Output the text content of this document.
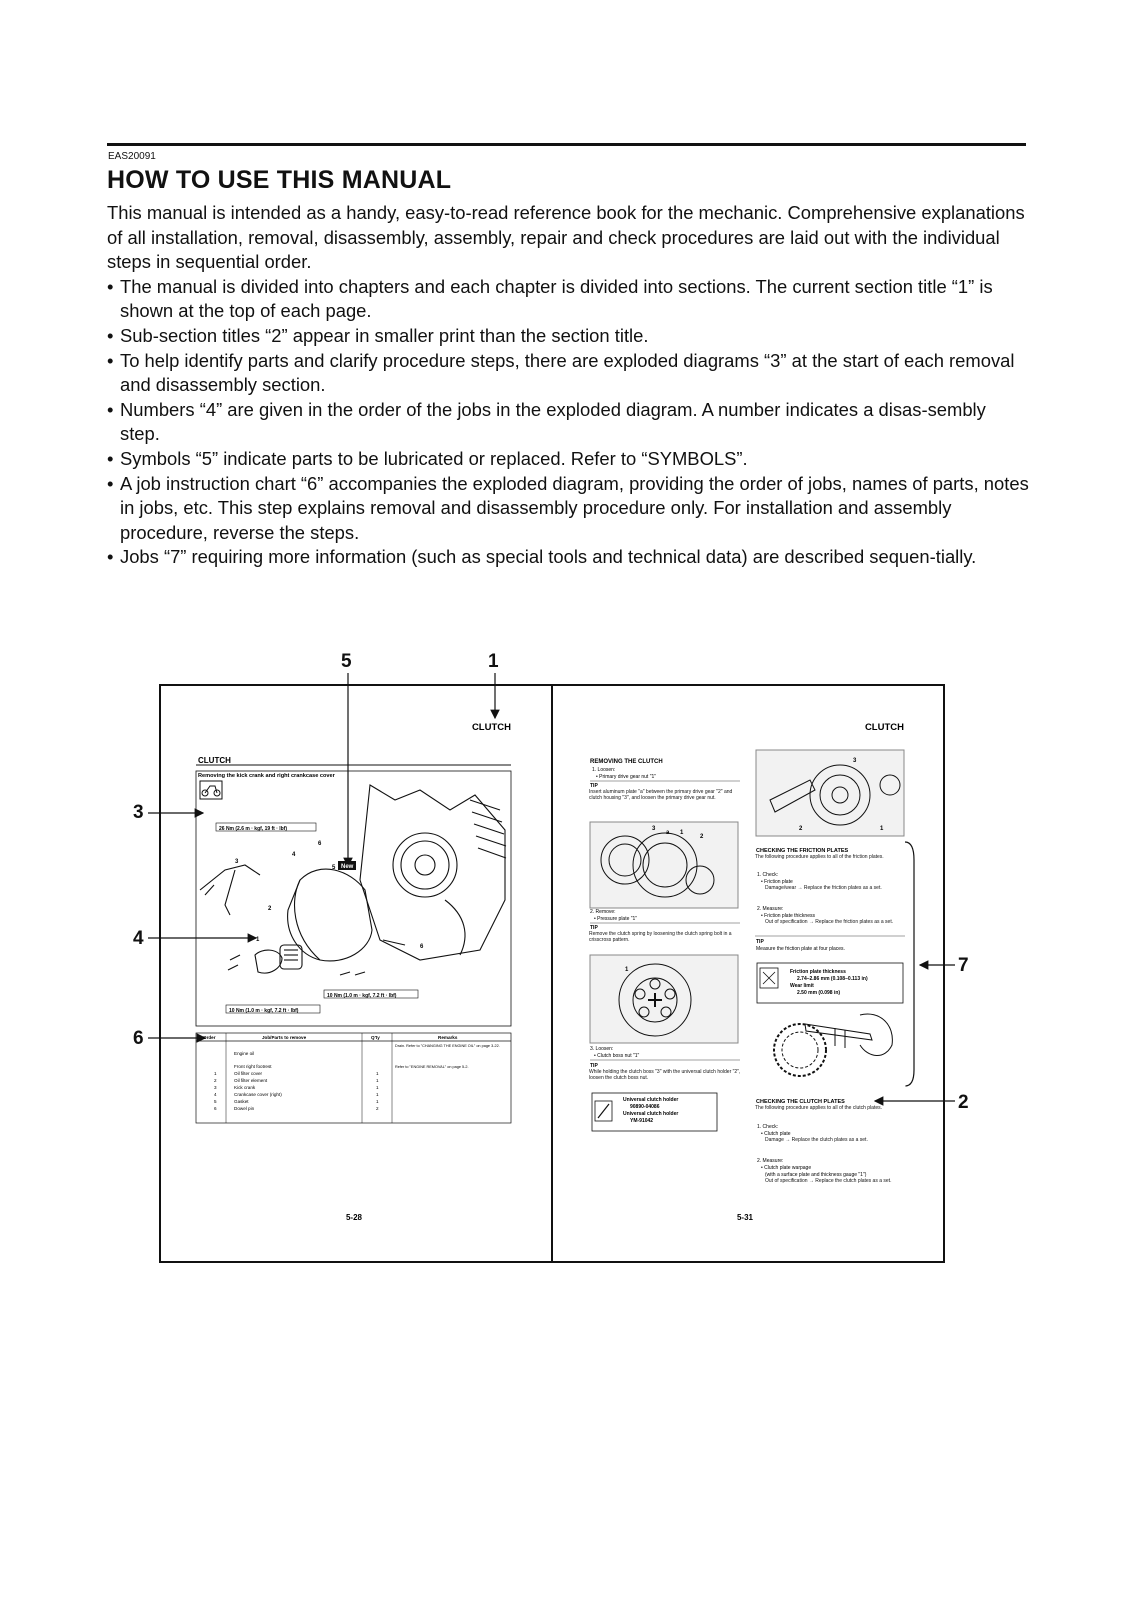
EAS20091
HOW TO USE THIS MANUAL

This manual is intended as a handy, easy-to-read reference book for the mechanic. Comprehensive explanations of all installation, removal, disassembly, assembly, repair and check procedures are laid out with the individual steps in sequential order.

• The manual is divided into chapters and each chapter is divided into sections. The current section title “1” is shown at the top of each page.
• Sub-section titles “2” appear in smaller print than the section title.
• To help identify parts and clarify procedure steps, there are exploded diagrams “3” at the start of each removal and disassembly section.
• Numbers “4” are given in the order of the jobs in the exploded diagram. A number indicates a disas-sembly step.
• Symbols “5” indicate parts to be lubricated or replaced. Refer to “SYMBOLS”.
• A job instruction chart “6” accompanies the exploded diagram, providing the order of jobs, names of parts, notes in jobs, etc. This step explains removal and disassembly procedure only. For installation and assembly procedure, reverse the steps.
• Jobs “7” requiring more information (such as special tools and technical data) are described sequen-tially.
5	1
3
4
6
7
2
CLUTCH
CLUTCH
Removing the kick crank and right crankcase cover
26 Nm (2.6 m · kgf, 19 ft · lbf)
10 Nm (1.0 m · kgf, 7.2 ft · lbf)
10 Nm (1.0 m · kgf, 7.2 ft · lbf)
New
3
4
6
5
2
1
6
Order	Job/Parts to remove	Q'ty	Remarks
Engine oil
Drain. Refer to "CHANGING THE ENGINE OIL" on page 3-22.
Front right footrest	Refer to "ENGINE REMOVAL" on page 5-2.
1	Oil filter cover	1
2	Oil filter element	1
3	Kick crank	1
4	Crankcase cover (right)	1
5	Gasket	1
6	Dowel pin	2
5-28
CLUTCH
REMOVING THE CLUTCH
1. Loosen:
• Primary drive gear nut "1"
TIP
Insert aluminum plate "a" between the primary drive gear "2" and clutch housing "3", and loosen the primary drive gear nut.
2. Remove:
• Pressure plate "1"
TIP
Remove the clutch spring by loosening the clutch spring bolt in a crisscross pattern.
3. Loosen:
• Clutch boss nut "1"
TIP
While holding the clutch boss "3" with the universal clutch holder "2", loosen the clutch boss nut.
Universal clutch holder
90890-04086
Universal clutch holder
YM-91042
CHECKING THE FRICTION PLATES
The following procedure applies to all of the friction plates.
1. Check:
• Friction plate
Damage/wear → Replace the friction plates as a set.
2. Measure:
• Friction plate thickness
Out of specification → Replace the friction plates as a set.
TIP
Measure the friction plate at four places.
Friction plate thickness
2.74–2.86 mm (0.108–0.113 in)
Wear limit
2.50 mm (0.098 in)
CHECKING THE CLUTCH PLATES
The following procedure applies to all of the clutch plates.
1. Check:
• Clutch plate
Damage → Replace the clutch plates as a set.
2. Measure:
• Clutch plate warpage
(with a surface plate and thickness gauge "1")
Out of specification → Replace the clutch plates as a set.
3
2	1
3
a 1
2
1
5-31
